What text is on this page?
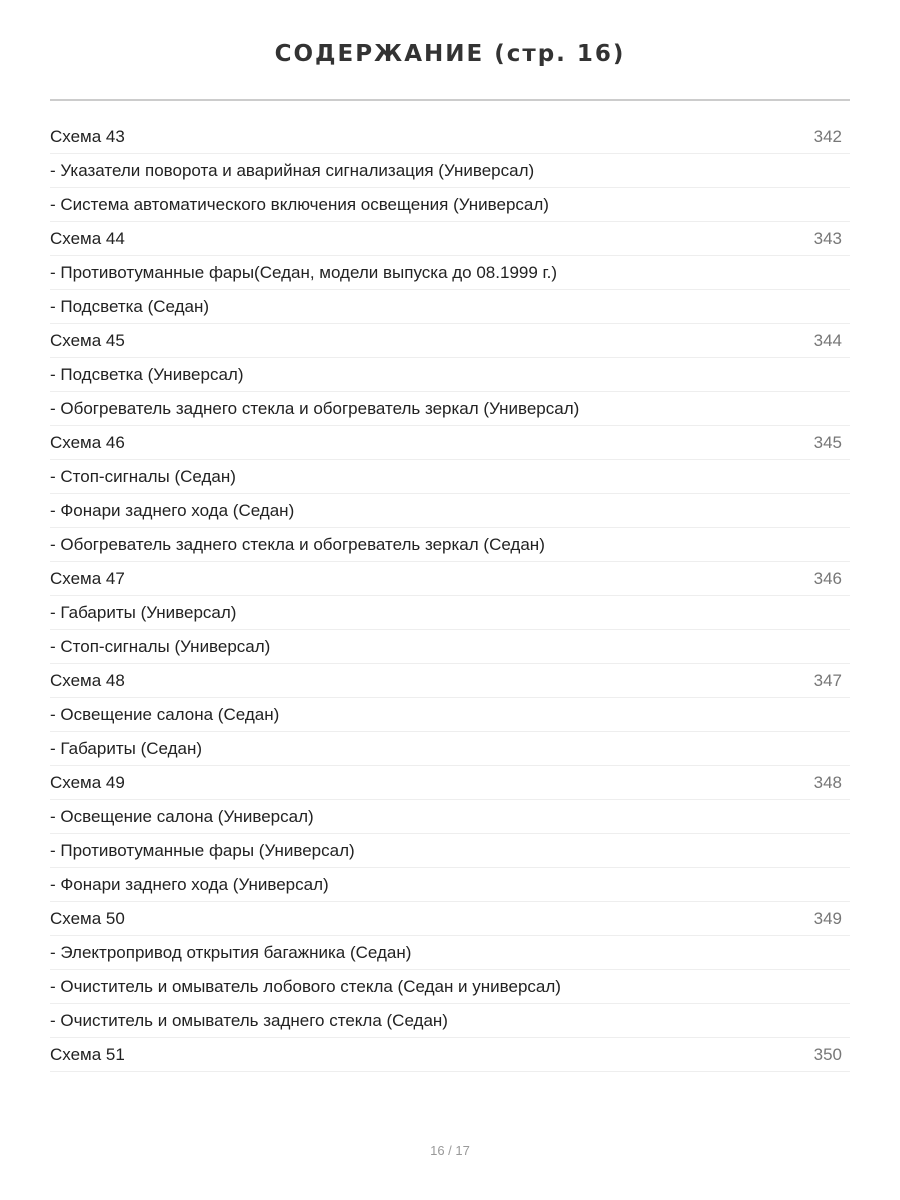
СОДЕРЖАНИЕ (стр. 16)
Схема 43	342
- Указатели поворота и аварийная сигнализация (Универсал)
- Система автоматического включения освещения (Универсал)
Схема 44	343
- Противотуманные фары(Седан, модели выпуска до 08.1999 г.)
- Подсветка (Седан)
Схема 45	344
- Подсветка (Универсал)
- Обогреватель заднего стекла и обогреватель зеркал (Универсал)
Схема 46	345
- Стоп-сигналы (Седан)
- Фонари заднего хода (Седан)
- Обогреватель заднего стекла и обогреватель зеркал (Седан)
Схема 47	346
- Габариты (Универсал)
- Стоп-сигналы (Универсал)
Схема 48	347
- Освещение салона (Седан)
- Габариты (Седан)
Схема 49	348
- Освещение салона (Универсал)
- Противотуманные фары (Универсал)
- Фонари заднего хода (Универсал)
Схема 50	349
- Электропривод открытия багажника (Седан)
- Очиститель и омыватель лобового стекла (Седан и универсал)
- Очиститель и омыватель заднего стекла (Седан)
Схема 51	350
16 / 17
